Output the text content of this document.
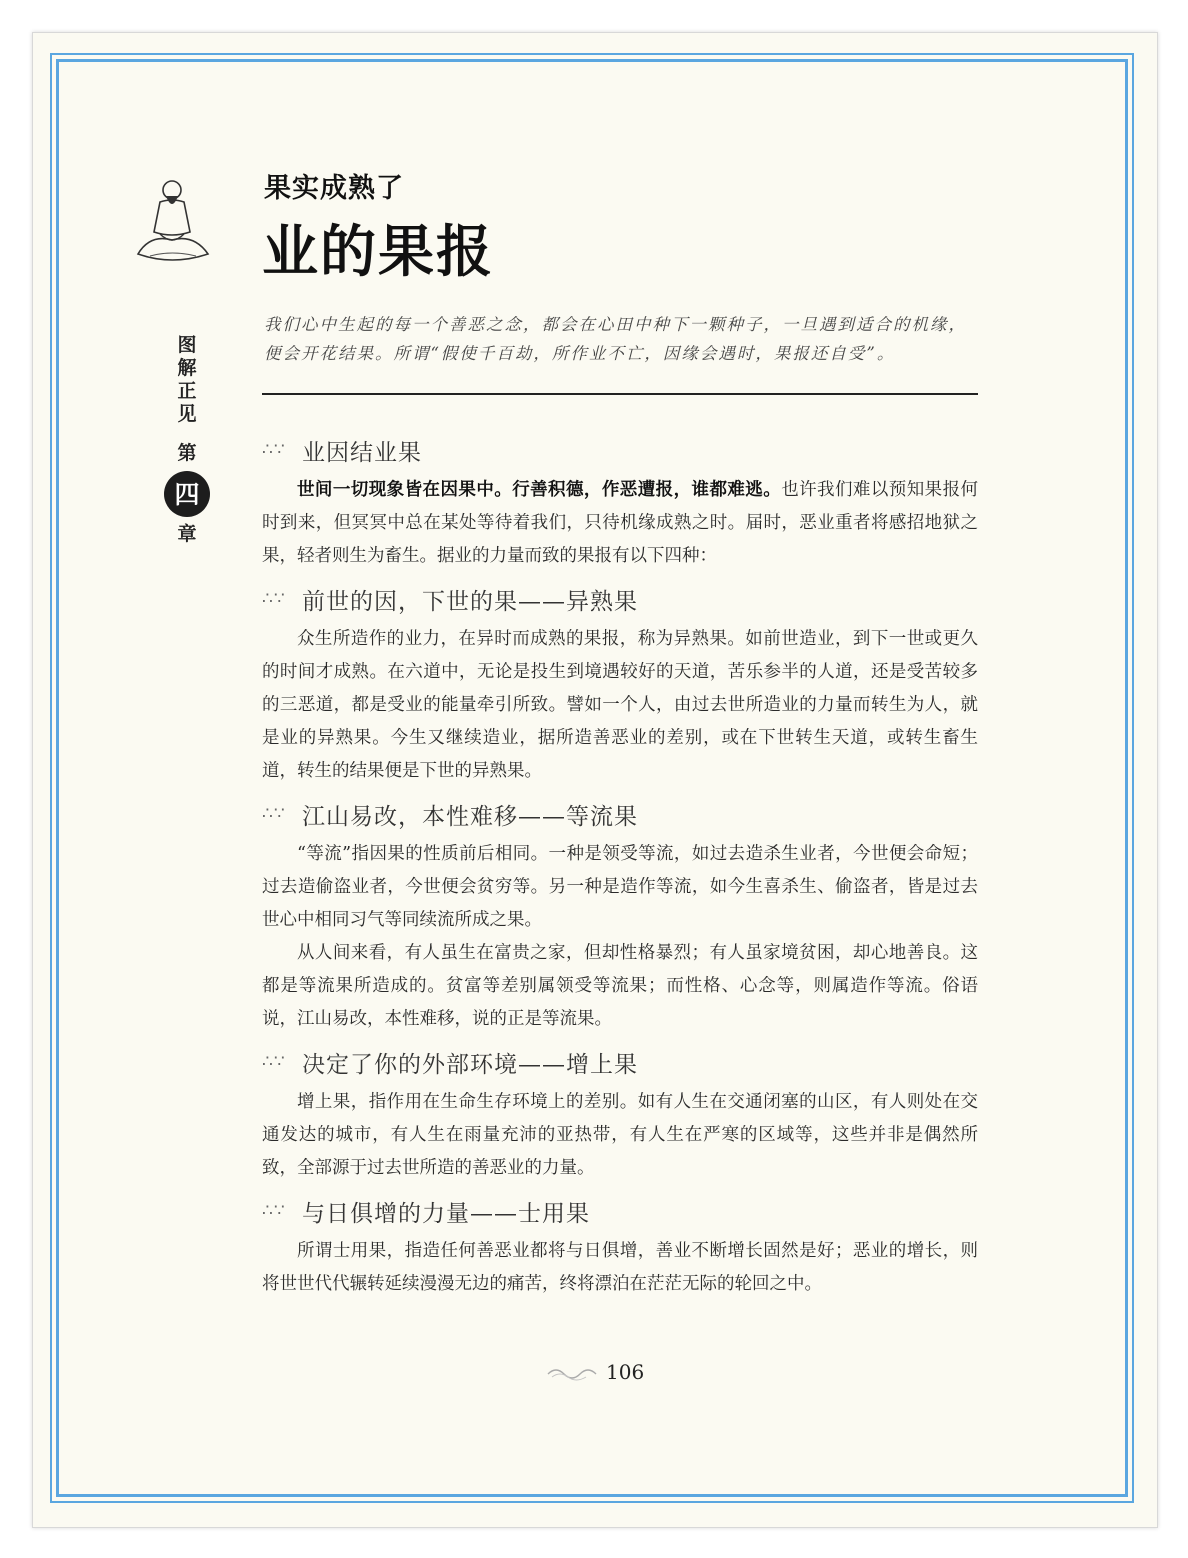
图
解
正
见
第
四
章
果实成熟了
业的果报
我们心中生起的每一个善恶之念，都会在心田中种下一颗种子，一旦遇到适合的机缘，便会开花结果。所谓“假使千百劫，所作业不亡，因缘会遇时，果报还自受”。
∴∵ 业因结业果

世间一切现象皆在因果中。行善积德，作恶遭报，谁都难逃。也许我们难以预知果报何时到来，但冥冥中总在某处等待着我们，只待机缘成熟之时。届时，恶业重者将感招地狱之果，轻者则生为畜生。据业的力量而致的果报有以下四种：

∴∵ 前世的因，下世的果——异熟果

众生所造作的业力，在异时而成熟的果报，称为异熟果。如前世造业，到下一世或更久的时间才成熟。在六道中，无论是投生到境遇较好的天道，苦乐参半的人道，还是受苦较多的三恶道，都是受业的能量牵引所致。譬如一个人，由过去世所造业的力量而转生为人，就是业的异熟果。今生又继续造业，据所造善恶业的差别，或在下世转生天道，或转生畜生道，转生的结果便是下世的异熟果。

∴∵ 江山易改，本性难移——等流果

“等流”指因果的性质前后相同。一种是领受等流，如过去造杀生业者，今世便会命短；过去造偷盗业者，今世便会贫穷等。另一种是造作等流，如今生喜杀生、偷盗者，皆是过去世心中相同习气等同续流所成之果。

从人间来看，有人虽生在富贵之家，但却性格暴烈；有人虽家境贫困，却心地善良。这都是等流果所造成的。贫富等差别属领受等流果；而性格、心念等，则属造作等流。俗语说，江山易改，本性难移，说的正是等流果。

∴∵ 决定了你的外部环境——增上果

增上果，指作用在生命生存环境上的差别。如有人生在交通闭塞的山区，有人则处在交通发达的城市，有人生在雨量充沛的亚热带，有人生在严寒的区域等，这些并非是偶然所致，全部源于过去世所造的善恶业的力量。

∴∵ 与日俱增的力量——士用果

所谓士用果，指造任何善恶业都将与日俱增，善业不断增长固然是好；恶业的增长，则将世世代代辗转延续漫漫无边的痛苦，终将漂泊在茫茫无际的轮回之中。

106
